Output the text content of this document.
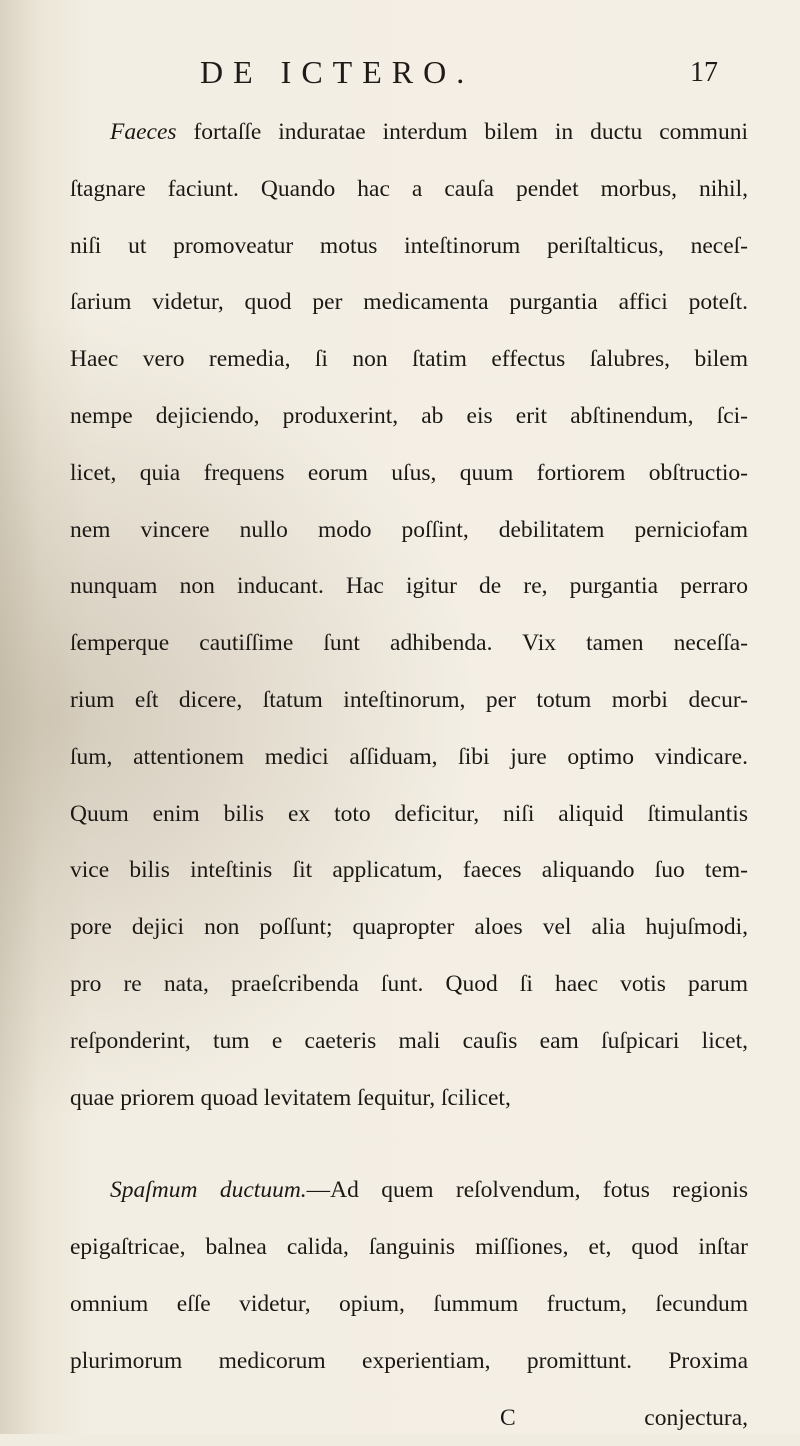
DE ICTERO.	17
Faeces fortaſſe induratae interdum bilem in ductu communi
ſtagnare faciunt. Quando hac a cauſa pendet morbus, nihil,
niſi ut promoveatur motus inteſtinorum periſtalticus, neceſ-
ſarium videtur, quod per medicamenta purgantia affici poteſt.
Haec vero remedia, ſi non ſtatim effectus ſalubres, bilem
nempe dejiciendo, produxerint, ab eis erit abſtinendum, ſci-
licet, quia frequens eorum uſus, quum fortiorem obſtructio-
nem vincere nullo modo poſſint, debilitatem perniciofam
nunquam non inducant. Hac igitur de re, purgantia perraro
ſemperque cautiſſime ſunt adhibenda. Vix tamen neceſſa-
rium eſt dicere, ſtatum inteſtinorum, per totum morbi decur-
ſum, attentionem medici aſſiduam, ſibi jure optimo vindicare.
Quum enim bilis ex toto deficitur, niſi aliquid ſtimulantis
vice bilis inteſtinis ſit applicatum, faeces aliquando ſuo tem-
pore dejici non poſſunt; quapropter aloes vel alia hujuſmodi,
pro re nata, praeſcribenda ſunt. Quod ſi haec votis parum
reſponderint, tum e caeteris mali cauſis eam ſuſpicari licet,
quae priorem quoad levitatem ſequitur, ſcilicet,
Spaſmum ductuum.—Ad quem reſolvendum, fotus regionis
epigaſtricae, balnea calida, ſanguinis miſſiones, et, quod inſtar
omnium eſſe videtur, opium, ſummum fructum, ſecundum
plurimorum medicorum experientiam, promittunt. Proxima
C	conjectura,
